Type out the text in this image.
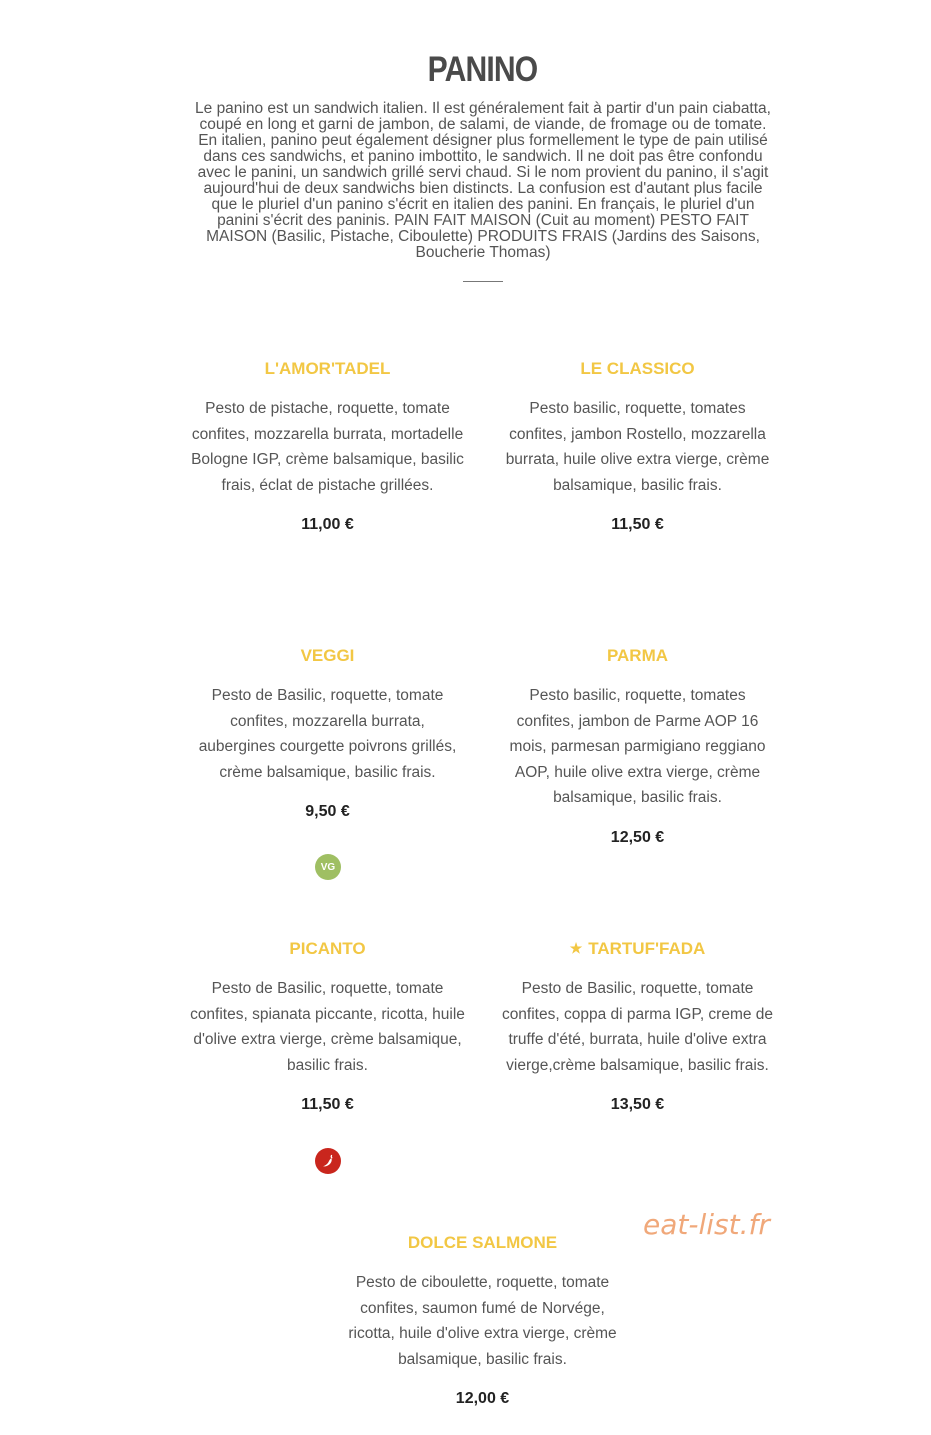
PANINO

Le panino est un sandwich italien. Il est généralement fait à partir d'un pain ciabatta, coupé en long et garni de jambon, de salami, de viande, de fromage ou de tomate. En italien, panino peut également désigner plus formellement le type de pain utilisé dans ces sandwichs, et panino imbottito, le sandwich. Il ne doit pas être confondu avec le panini, un sandwich grillé servi chaud. Si le nom provient du panino, il s'agit aujourd'hui de deux sandwichs bien distincts. La confusion est d'autant plus facile que le pluriel d'un panino s'écrit en italien des panini. En français, le pluriel d'un panini s'écrit des paninis. PAIN FAIT MAISON (Cuit au moment) PESTO FAIT MAISON (Basilic, Pistache, Ciboulette) PRODUITS FRAIS (Jardins des Saisons, Boucherie Thomas)

L'AMOR'TADEL

Pesto de pistache, roquette, tomate confites, mozzarella burrata, mortadelle Bologne IGP, crème balsamique, basilic frais, éclat de pistache grillées.

11,00 €

LE CLASSICO

Pesto basilic, roquette, tomates confites, jambon Rostello, mozzarella burrata, huile olive extra vierge, crème balsamique, basilic frais.

11,50 €

VEGGI

Pesto de Basilic, roquette, tomate confites, mozzarella burrata, aubergines courgette poivrons grillés, crème balsamique, basilic frais.

9,50 €

VG
PARMA

Pesto basilic, roquette, tomates confites, jambon de Parme AOP 16 mois, parmesan parmigiano reggiano AOP, huile olive extra vierge, crème balsamique, basilic frais.

12,50 €

PICANTO

Pesto de Basilic, roquette, tomate confites, spianata piccante, ricotta, huile d'olive extra vierge, crème balsamique, basilic frais.

11,50 €

★ TARTUF'FADA

Pesto de Basilic, roquette, tomate confites, coppa di parma IGP, creme de truffe d'été, burrata, huile d'olive extra vierge,crème balsamique, basilic frais.

13,50 €

DOLCE SALMONE

Pesto de ciboulette, roquette, tomate confites, saumon fumé de Norvége, ricotta, huile d'olive extra vierge, crème balsamique, basilic frais.

12,00 €

eat-list.fr
